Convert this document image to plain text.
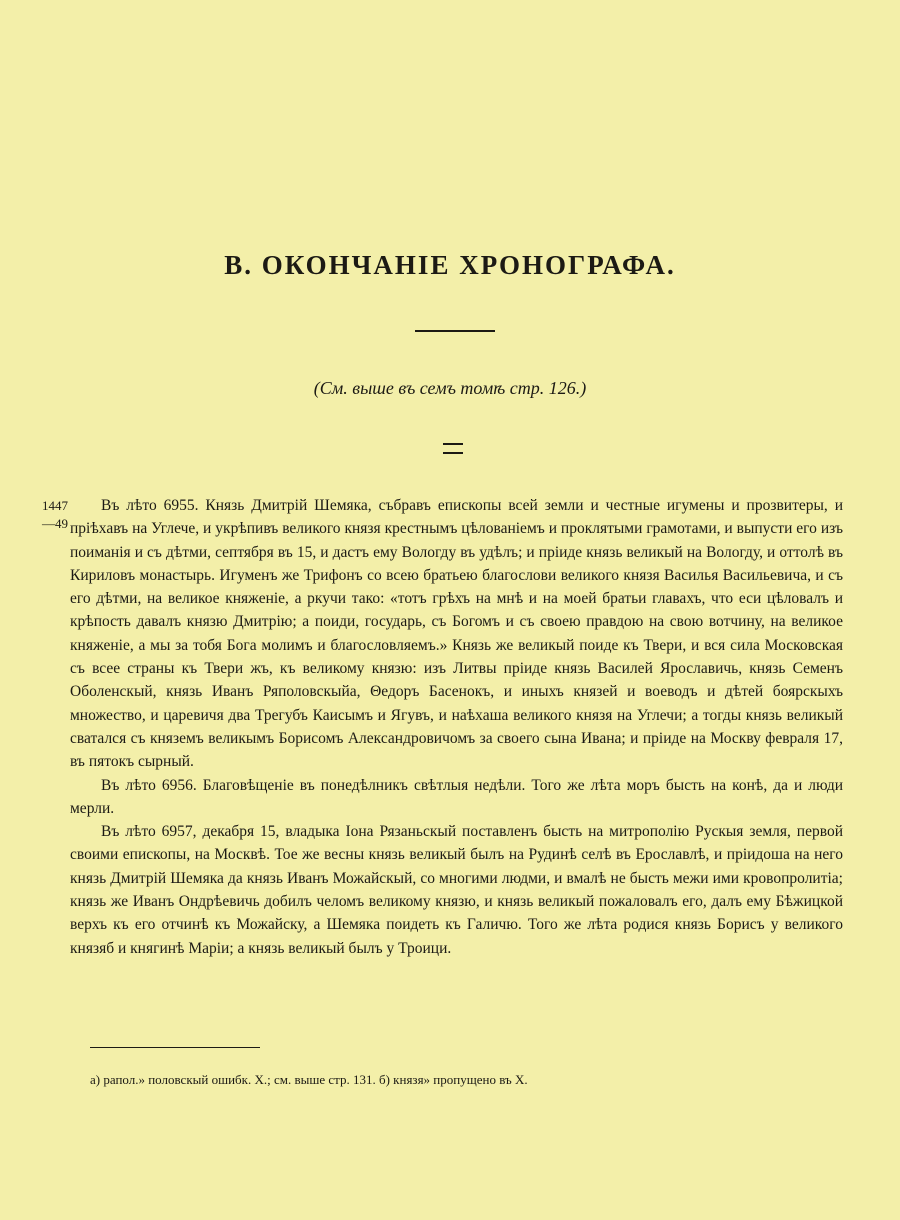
В. ОКОНЧАНІЕ ХРОНОГРАФА.
(См. выше въ семъ томѣ стр. 126.)
1447
—49

Въ лѣто 6955. Князь Дмитрій Шемяка, събравъ епископы всей земли и честные игумены и прозвитеры, и пріѣхавъ на Углече, и укрѣпивъ великого князя крестнымъ цѣлованіемъ и проклятыми грамотами, и выпусти его изъ поиманія и съ дѣтми, септября въ 15, и дастъ ему Вологду въ удѣлъ; и пріиде князь великый на Вологду, и оттолѣ въ Кириловъ монастырь. Игуменъ же Трифонъ со всею братьею благослови великого князя Василья Васильевича, и съ его дѣтми, на великое княженіе, а ркучи тако: «тотъ грѣхъ на мнѣ и на моей братьи главахъ, что еси цѣловалъ и крѣпость давалъ князю Дмитрію; а поиди, государь, съ Богомъ и съ своею правдою на свою вотчину, на великое княженіе, а мы за тобя Бога молимъ и благословляемъ.» Князь же великый поиде къ Твери, и вся сила Московская съ всее страны къ Твери жъ, къ великому князю: изъ Литвы пріиде князь Василей Ярославичь, князь Семенъ Оболенскый, князь Иванъ Ряполовскыйа, Θедоръ Басенокъ, и иныхъ князей и воеводъ и дѣтей боярскыхъ множество, и царевичя два Трегубъ Каисымъ и Ягувъ, и наѣхаша великого князя на Углечи; а тогды князь великый сватался съ княземъ великымъ Борисомъ Александровичомъ за своего сына Ивана; и пріиде на Москву февраля 17, въ пятокъ сырный.

Въ лѣто 6956. Благовѣщеніе въ понедѣлникъ свѣтлыя недѣли. Того же лѣта моръ бысть на конѣ, да и люди мерли.

Въ лѣто 6957, декабря 15, владыка Іона Рязаньскый поставленъ бысть на митрополію Рускыя земля, первой своими епископы, на Москвѣ. Тое же весны князь великый былъ на Рудинѣ селѣ въ Ерославлѣ, и пріидоша на него князь Дмитрій Шемяка да князь Иванъ Можайскый, со многими людми, и вмалѣ не бысть межи ими кровопролитіа; князь же Иванъ Ондрѣевичь добилъ челомъ великому князю, и князь великый пожаловалъ его, далъ ему Бѣжицкой верхъ къ его отчинѣ къ Можайску, а Шемяка поидеть къ Галичю. Того же лѣта родися князь Борисъ у великого князяб и княгинѣ Маріи; а князь великый былъ у Троици.

а) рапол.» половскый ошибк. Х.; см. выше стр. 131. б) князя» пропущено въ Х.
